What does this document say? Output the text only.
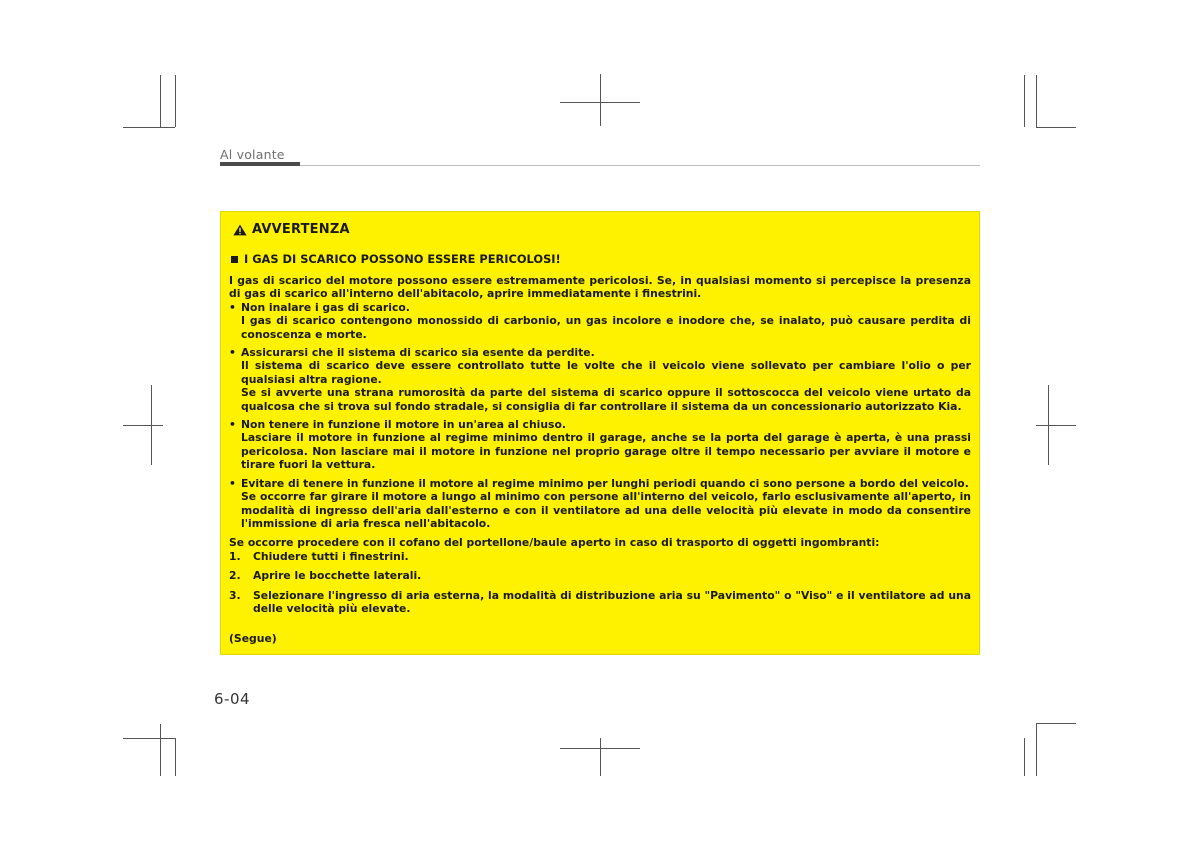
Al volante
AVVERTENZA
I GAS DI SCARICO POSSONO ESSERE PERICOLOSI!

I gas di scarico del motore possono essere estremamente pericolosi. Se, in qualsiasi momento si percepisce la presenza di gas di scarico all'interno dell'abitacolo, aprire immediatamente i finestrini.

• Non inalare i gas di scarico.

I gas di scarico contengono monossido di carbonio, un gas incolore e inodore che, se inalato, può causare perdita di conoscenza e morte.

• Assicurarsi che il sistema di scarico sia esente da perdite.

Il sistema di scarico deve essere controllato tutte le volte che il veicolo viene sollevato per cambiare l'olio o per qualsiasi altra ragione.

Se si avverte una strana rumorosità da parte del sistema di scarico oppure il sottoscocca del veicolo viene urtato da qualcosa che si trova sul fondo stradale, si consiglia di far controllare il sistema da un concessionario autorizzato Kia.

• Non tenere in funzione il motore in un'area al chiuso.

Lasciare il motore in funzione al regime minimo dentro il garage, anche se la porta del garage è aperta, è una prassi pericolosa. Non lasciare mai il motore in funzione nel proprio garage oltre il tempo necessario per avviare il motore e tirare fuori la vettura.

• Evitare di tenere in funzione il motore al regime minimo per lunghi periodi quando ci sono persone a bordo del veicolo.

Se occorre far girare il motore a lungo al minimo con persone all'interno del veicolo, farlo esclusivamente all'aperto, in modalità di ingresso dell'aria dall'esterno e con il ventilatore ad una delle velocità più elevate in modo da consentire l'immissione di aria fresca nell'abitacolo.

Se occorre procedere con il cofano del portellone/baule aperto in caso di trasporto di oggetti ingombranti:

1. Chiudere tutti i finestrini.
2. Aprire le bocchette laterali.
3. Selezionare l'ingresso di aria esterna, la modalità di distribuzione aria su "Pavimento" o "Viso" e il ventilatore ad una delle velocità più elevate.
(Segue)
6-04
